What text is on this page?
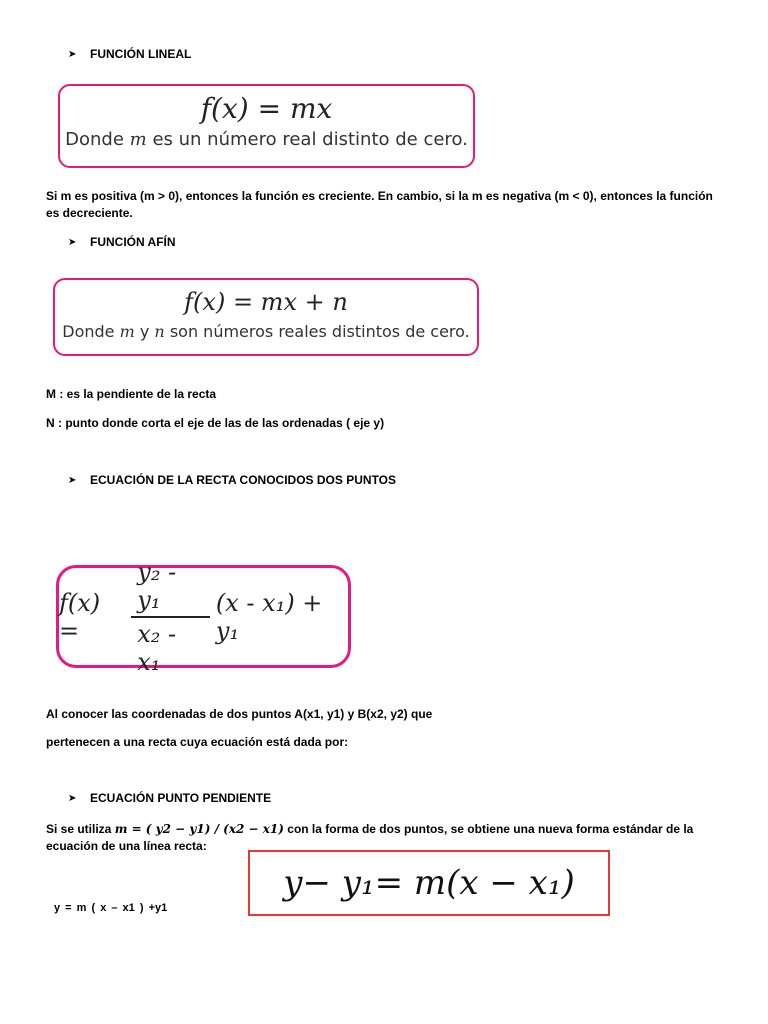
➤	FUNCIÓN LINEAL
f(x) = mx
Donde m es un número real distinto de cero.
Si m es positiva (m > 0), entonces la función es creciente. En cambio, si la m es negativa (m < 0), entonces la función es decreciente.
➤	FUNCIÓN AFÍN
f(x) = mx + n
Donde m y n son números reales distintos de cero.
M : es la pendiente de la recta
N : punto donde corta el eje de las de las ordenadas ( eje y)
➤	ECUACIÓN DE LA RECTA CONOCIDOS DOS PUNTOS
f(x) =	$\frac{\text{y₂ - y₁}}{\text{x₂ - x₁}} (x - x_1) + y_1$
Al conocer las coordenadas de dos puntos A(x1, y1) y B(x2, y2) que
pertenecen a una recta cuya ecuación está dada por:
➤	ECUACIÓN PUNTO PENDIENTE
Si se utiliza m = ( y2 − y1) / (x2 − x1) con la forma de dos puntos, se obtiene una nueva forma estándar de la ecuación de una línea recta:
y− y₁= m(x − x₁)
y = m ( x – x1 ) +y1
